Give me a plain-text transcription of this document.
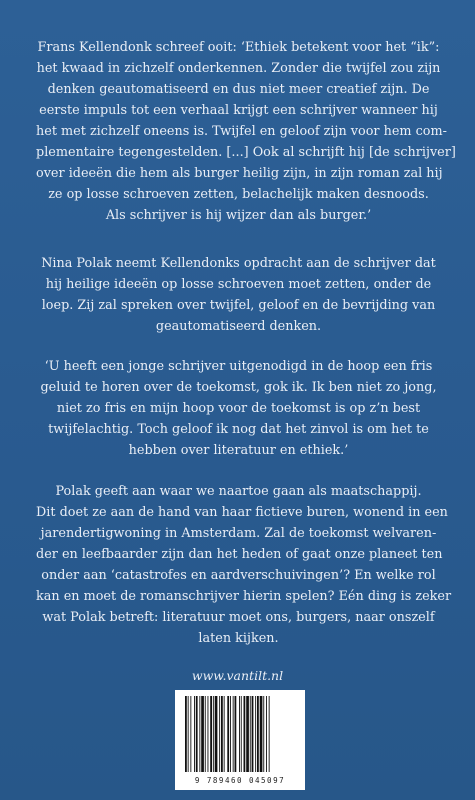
Frans Kellendonk schreef ooit: ‘Ethiek betekent voor het “ik”:
het kwaad in zichzelf onderkennen. Zonder die twijfel zou zijn
denken geautomatiseerd en dus niet meer creatief zijn. De
eerste impuls tot een verhaal krijgt een schrijver wanneer hij
het met zichzelf oneens is. Twijfel en geloof zijn voor hem com-
plementaire tegengestelden. [...] Ook al schrijft hij [de schrijver]
over ideeën die hem als burger heilig zijn, in zijn roman zal hij
ze op losse schroeven zetten, belachelijk maken desnoods.
Als schrijver is hij wijzer dan als burger.’

Nina Polak neemt Kellendonks opdracht aan de schrijver dat
hij heilige ideeën op losse schroeven moet zetten, onder de
loep. Zij zal spreken over twijfel, geloof en de bevrijding van
geautomatiseerd denken.

‘U heeft een jonge schrijver uitgenodigd in de hoop een fris
geluid te horen over de toekomst, gok ik. Ik ben niet zo jong,
niet zo fris en mijn hoop voor de toekomst is op z’n best
twijfelachtig. Toch geloof ik nog dat het zinvol is om het te
hebben over literatuur en ethiek.’

Polak geeft aan waar we naartoe gaan als maatschappij.
Dit doet ze aan de hand van haar fictieve buren, wonend in een
jarendertigwoning in Amsterdam. Zal de toekomst welvaren-
der en leefbaarder zijn dan het heden of gaat onze planeet ten
onder aan ‘catastrofes en aardverschuivingen’? En welke rol
kan en moet de romanschrijver hierin spelen? Eén ding is zeker
wat Polak betreft: literatuur moet ons, burgers, naar onszelf
laten kijken.

www.vantilt.nl
9 789460 045097
